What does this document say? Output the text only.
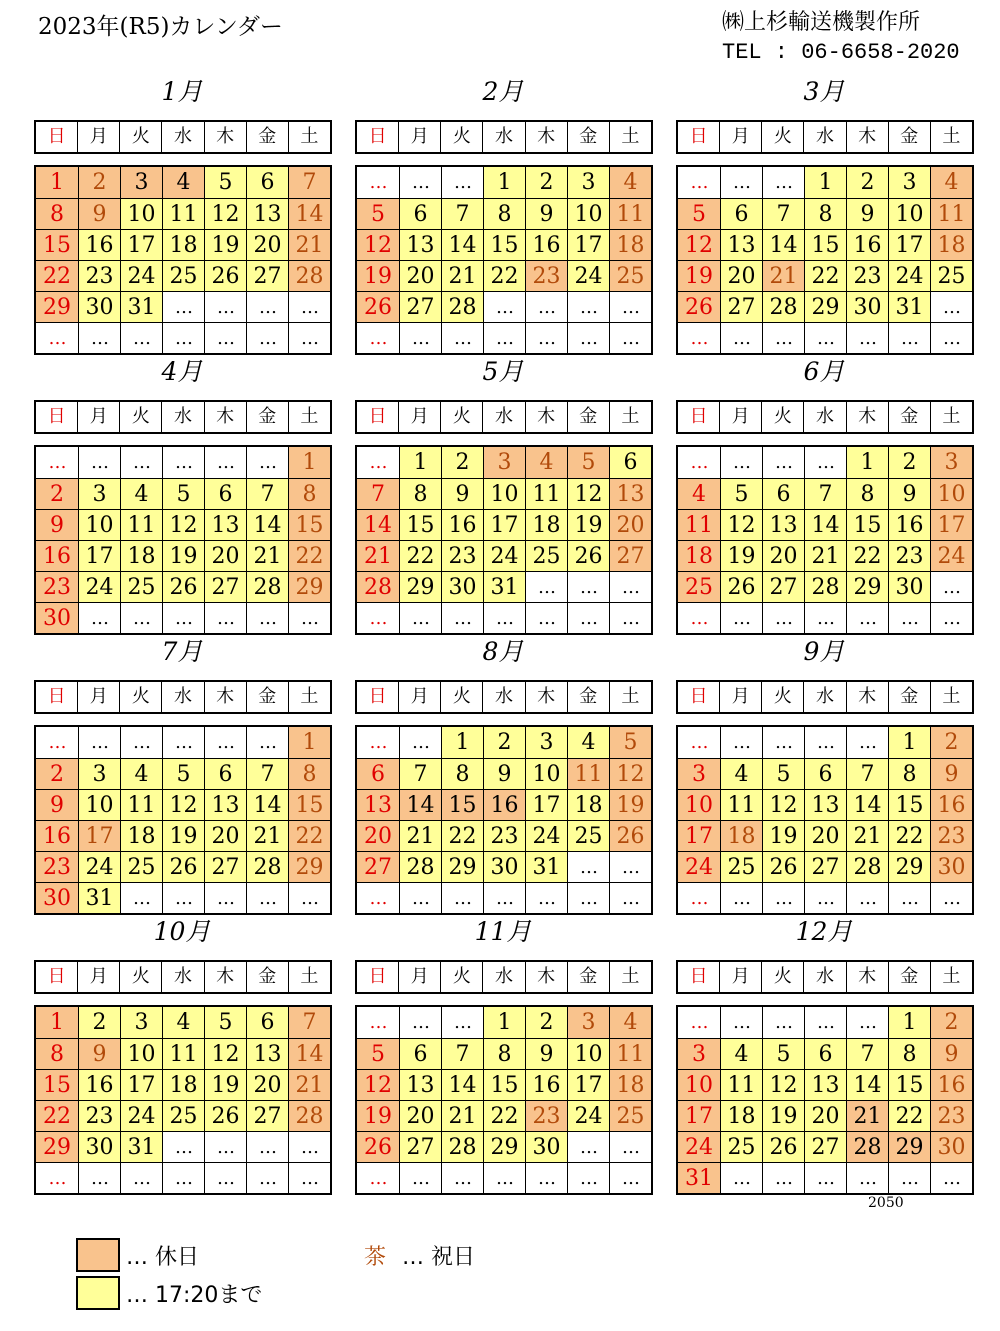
2023年(R5)カレンダー	㈱上杉輸送機製作所
TEL : 06-6658-2020
1月
日	月	火	水	木	金	土
1	2	3	4	5	6	7
8	9 10 11 12 13 14
15 16 17 18 19 20 21
22 23 24 25 26 27 28
29 30 31	…	…	…	…
…	…	…	…	…	…	…
2月
日	月	火	水	木	金	土
…	…	…	1	2	3	4
5	6	7	8	9 10 11
12 13 14 15 16 17 18
19 20 21 22 23 24 25
26 27 28	…	…	…	…
…	…	…	…	…	…	…
3月
日	月	火	水	木	金	土
…	…	…	1	2	3	4
5	6	7	8	9 10 11
12 13 14 15 16 17 18
19 20 21 22 23 24 25
26 27 28 29 30 31	…
…	…	…	…	…	…	…
4月
日	月	火	水	木	金	土
…	…	…	…	…	…	1
2	3	4	5	6	7	8
9 10 11 12 13 14 15
16 17 18 19 20 21 22
23 24 25 26 27 28 29
30	…	…	…	…	…	…
5月
日	月	火	水	木	金	土
…	1	2	3	4	5	6
7	8	9 10 11 12 13
14 15 16 17 18 19 20
21 22 23 24 25 26 27
28 29 30 31	…	…	…
…	…	…	…	…	…	…
6月
日	月	火	水	木	金	土
…	…	…	…	1	2	3
4	5	6	7	8	9 10
11 12 13 14 15 16 17
18 19 20 21 22 23 24
25 26 27 28 29 30	…
…	…	…	…	…	…	…
7月
日	月	火	水	木	金	土
…	…	…	…	…	…	1
2	3	4	5	6	7	8
9 10 11 12 13 14 15
16 17 18 19 20 21 22
23 24 25 26 27 28 29
30 31	…	…	…	…	…
8月
日	月	火	水	木	金	土
…	…	1	2	3	4	5
6	7	8	9 10 11 12
13 14 15 16 17 18 19
20 21 22 23 24 25 26
27 28 29 30 31	…	…
…	…	…	…	…	…	…
9月
日	月	火	水	木	金	土
…	…	…	…	…	1	2
3	4	5	6	7	8	9
10 11 12 13 14 15 16
17 18 19 20 21 22 23
24 25 26 27 28 29 30
…	…	…	…	…	…	…
10月
日	月	火	水	木	金	土
1	2	3	4	5	6	7
8	9 10 11 12 13 14
15 16 17 18 19 20 21
22 23 24 25 26 27 28
29 30 31	…	…	…	…
…	…	…	…	…	…	…
11月
日	月	火	水	木	金	土
…	…	…	1	2	3	4
5	6	7	8	9 10 11
12 13 14 15 16 17 18
19 20 21 22 23 24 25
26 27 28 29 30	…	…
…	…	…	…	…	…	…
12月
日	月	火	水	木	金	土
…	…	…	…	…	1	2
3	4	5	6	7	8	9
10 11 12 13 14 15 16
17 18 19 20 21 22 23
24 25 26 27 28 29 30
31	…	…	…	…	…	…
2050
… 休日
… 17:20まで
茶 … 祝日
